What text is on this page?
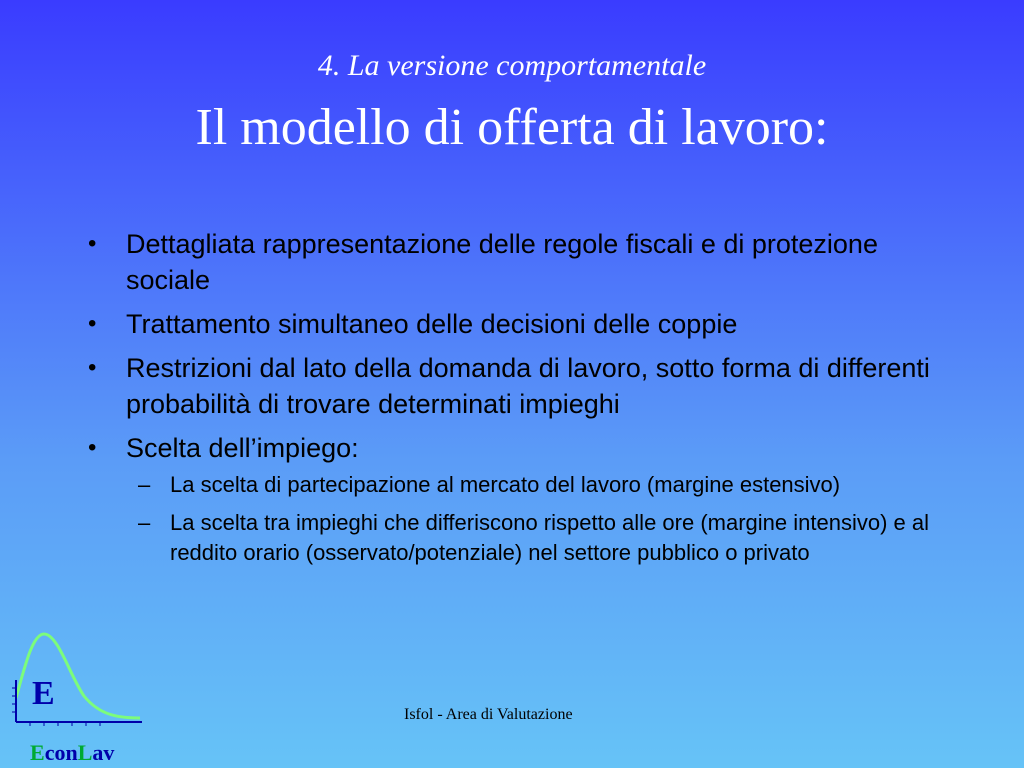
4. La versione comportamentale
Il modello di offerta di lavoro:
• Dettagliata rappresentazione delle regole fiscali e di protezione sociale
• Trattamento simultaneo delle decisioni delle coppie
• Restrizioni dal lato della domanda di lavoro, sotto forma di differenti probabilità di trovare determinati impieghi
• Scelta dell’impiego:
– La scelta di partecipazione al mercato del lavoro (margine estensivo)
– La scelta tra impieghi che differiscono rispetto alle ore (margine intensivo) e al reddito orario (osservato/potenziale) nel settore pubblico o privato
Isfol - Area di Valutazione
E
EconLav
